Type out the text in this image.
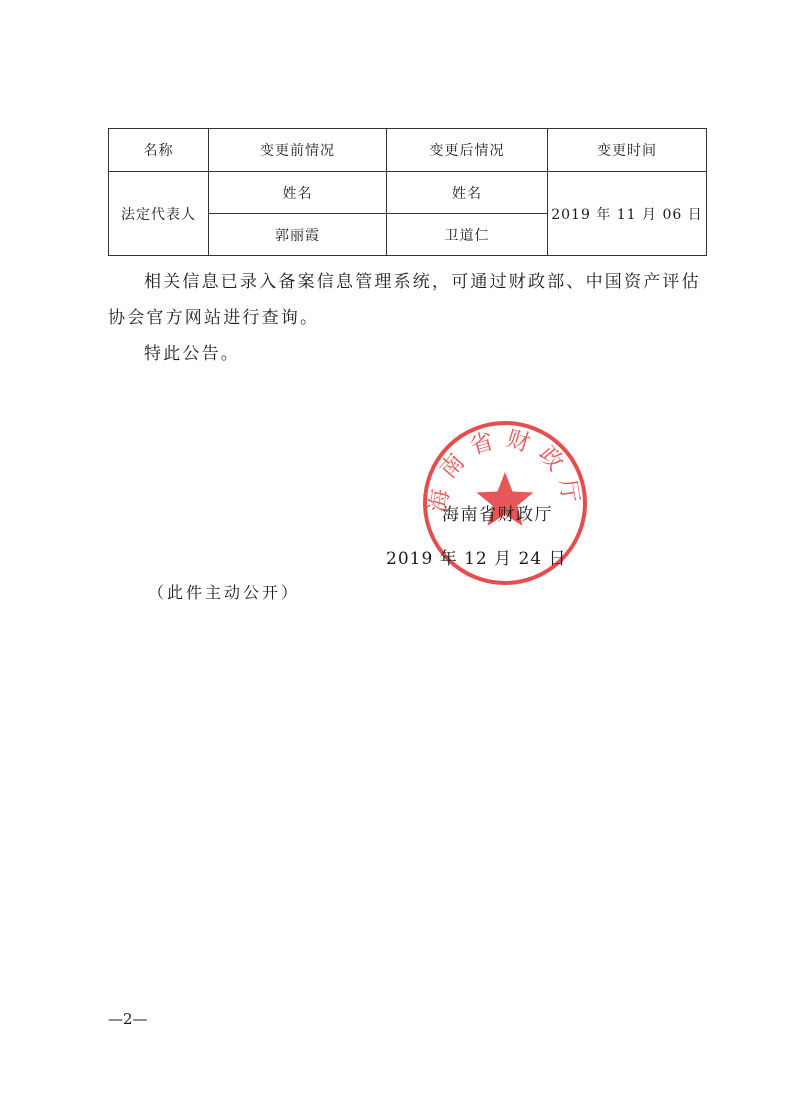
名称	变更前情况	变更后情况	变更时间
法定代表人	姓名	姓名	2019 年 11 月 06 日
	郭丽霞	卫道仁	
相关信息已录入备案信息管理系统，可通过财政部、中国资产评估协会官方网站进行查询。
特此公告。
海南省财政厅
海南省财政厅
2019 年 12 月 24 日
（此件主动公开）
—2—
